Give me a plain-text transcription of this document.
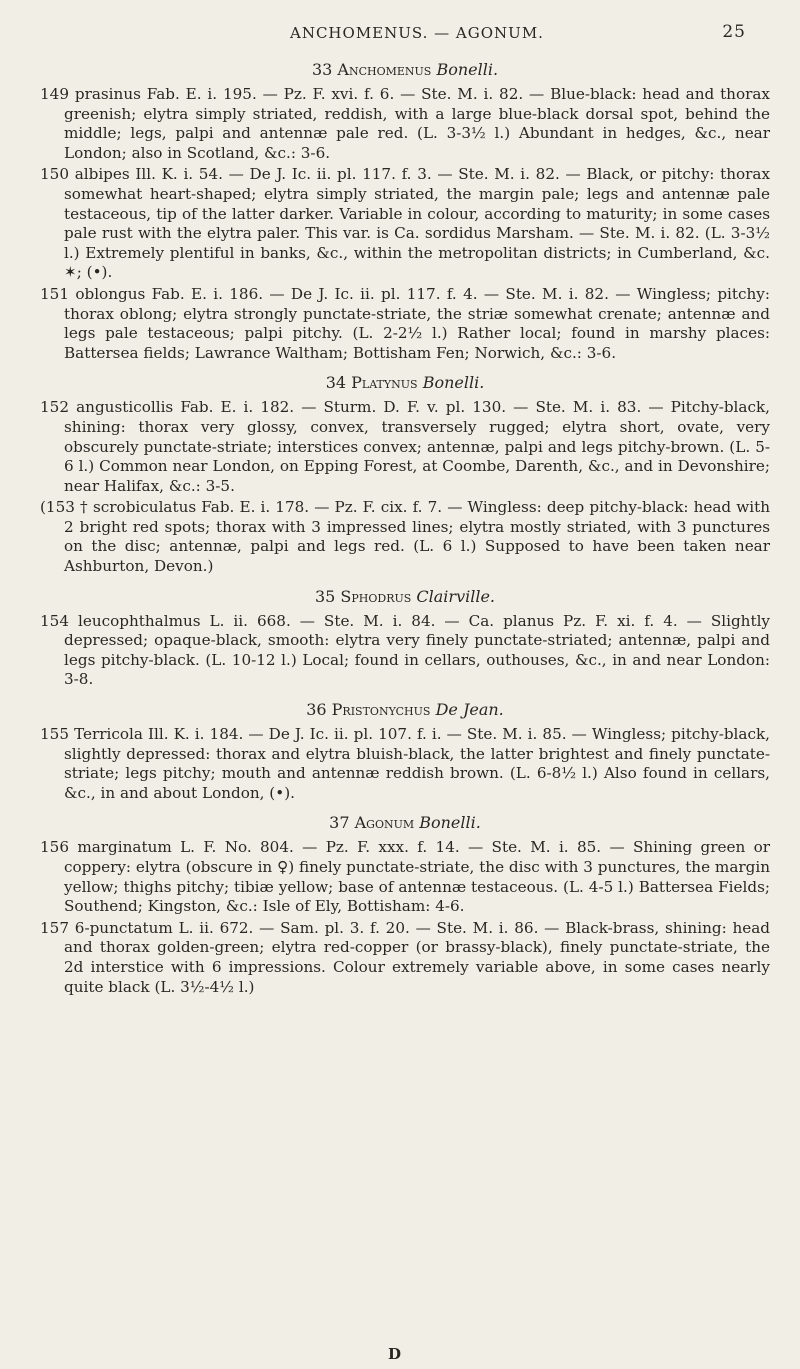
ANCHOMENUS. — AGONUM.	25
33 Anchomenus Bonelli.

149 prasinus Fab. E. i. 195. — Pz. F. xvi. f. 6. — Ste. M. i. 82. — Blue-black: head and thorax greenish; elytra simply striated, reddish, with a large blue-black dorsal spot, behind the middle; legs, palpi and antennæ pale red. (L. 3-3½ l.) Abundant in hedges, &c., near London; also in Scotland, &c.: 3-6.

150 albipes Ill. K. i. 54. — De J. Ic. ii. pl. 117. f. 3. — Ste. M. i. 82. — Black, or pitchy: thorax somewhat heart-shaped; elytra simply striated, the margin pale; legs and antennæ pale testaceous, tip of the latter darker. Variable in colour, according to maturity; in some cases pale rust with the elytra paler. This var. is Ca. sordidus Marsham. — Ste. M. i. 82. (L. 3-3½ l.) Extremely plentiful in banks, &c., within the metropolitan districts; in Cumberland, &c. ✶; (•).

151 oblongus Fab. E. i. 186. — De J. Ic. ii. pl. 117. f. 4. — Ste. M. i. 82. — Wingless; pitchy: thorax oblong; elytra strongly punctate-striate, the striæ somewhat crenate; antennæ and legs pale testaceous; palpi pitchy. (L. 2-2½ l.) Rather local; found in marshy places: Battersea fields; Lawrance Waltham; Bottisham Fen; Norwich, &c.: 3-6.

34 Platynus Bonelli.

152 angusticollis Fab. E. i. 182. — Sturm. D. F. v. pl. 130. — Ste. M. i. 83. — Pitchy-black, shining: thorax very glossy, convex, transversely rugged; elytra short, ovate, very obscurely punctate-striate; interstices convex; antennæ, palpi and legs pitchy-brown. (L. 5-6 l.) Common near London, on Epping Forest, at Coombe, Darenth, &c., and in Devonshire; near Halifax, &c.: 3-5.

(153 † scrobiculatus Fab. E. i. 178. — Pz. F. cix. f. 7. — Wingless: deep pitchy-black: head with 2 bright red spots; thorax with 3 impressed lines; elytra mostly striated, with 3 punctures on the disc; antennæ, palpi and legs red. (L. 6 l.) Supposed to have been taken near Ashburton, Devon.)

35 Sphodrus Clairville.

154 leucophthalmus L. ii. 668. — Ste. M. i. 84. — Ca. planus Pz. F. xi. f. 4. — Slightly depressed; opaque-black, smooth: elytra very finely punctate-striated; antennæ, palpi and legs pitchy-black. (L. 10-12 l.) Local; found in cellars, outhouses, &c., in and near London: 3-8.

36 Pristonychus De Jean.

155 Terricola Ill. K. i. 184. — De J. Ic. ii. pl. 107. f. i. — Ste. M. i. 85. — Wingless; pitchy-black, slightly depressed: thorax and elytra bluish-black, the latter brightest and finely punctate-striate; legs pitchy; mouth and antennæ reddish brown. (L. 6-8½ l.) Also found in cellars, &c., in and about London, (•).

37 Agonum Bonelli.

156 marginatum L. F. No. 804. — Pz. F. xxx. f. 14. — Ste. M. i. 85. — Shining green or coppery: elytra (obscure in ♀) finely punctate-striate, the disc with 3 punctures, the margin yellow; thighs pitchy; tibiæ yellow; base of antennæ testaceous. (L. 4-5 l.) Battersea Fields; Southend; Kingston, &c.: Isle of Ely, Bottisham: 4-6.

157 6-punctatum L. ii. 672. — Sam. pl. 3. f. 20. — Ste. M. i. 86. — Black-brass, shining: head and thorax golden-green; elytra red-copper (or brassy-black), finely punctate-striate, the 2d interstice with 6 impressions. Colour extremely variable above, in some cases nearly quite black (L. 3½-4½ l.)

D
